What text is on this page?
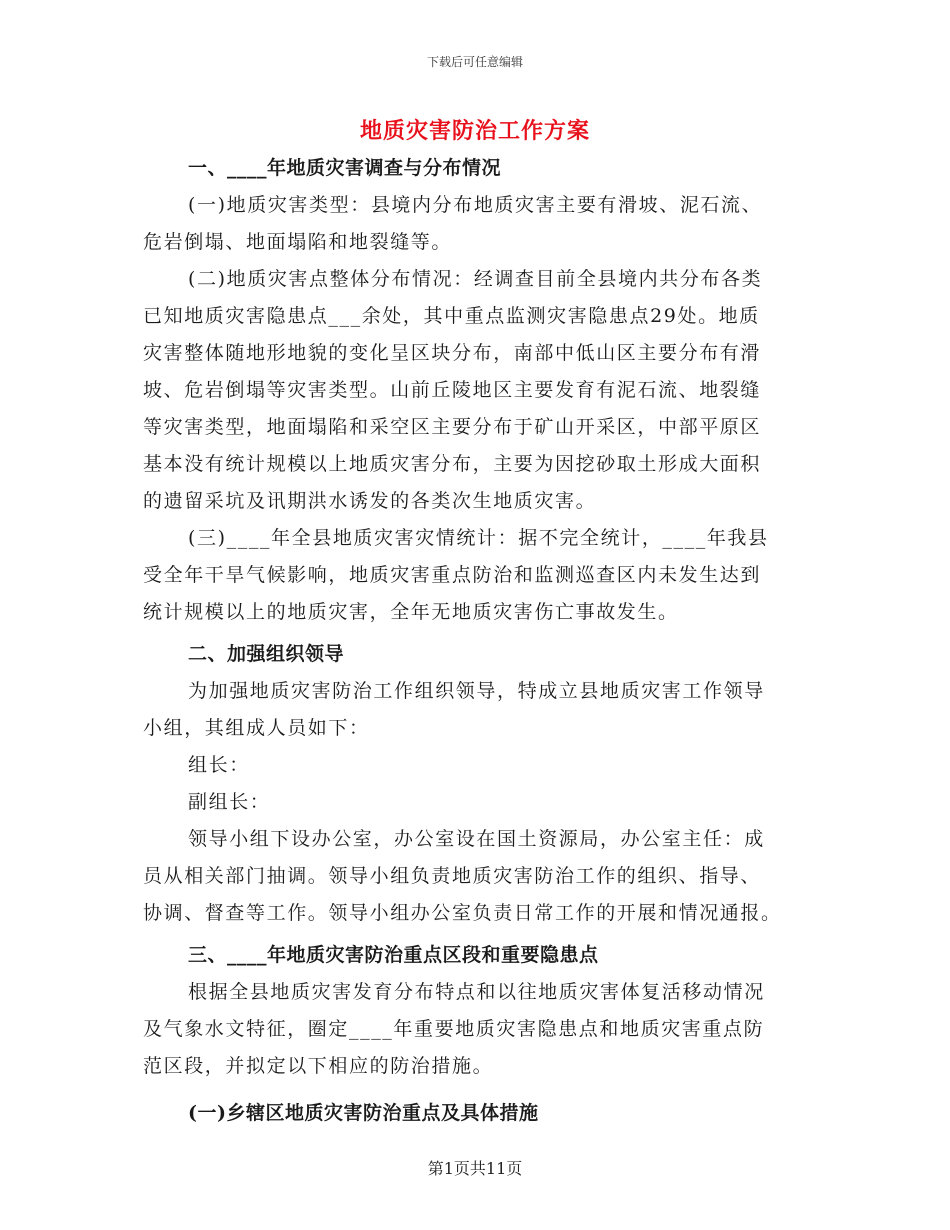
下载后可任意编辑
地质灾害防治工作方案
一、____年地质灾害调查与分布情况
(一)地质灾害类型：县境内分布地质灾害主要有滑坡、泥石流、
危岩倒塌、地面塌陷和地裂缝等。
(二)地质灾害点整体分布情况：经调查目前全县境内共分布各类
已知地质灾害隐患点___余处，其中重点监测灾害隐患点29处。地质
灾害整体随地形地貌的变化呈区块分布，南部中低山区主要分布有滑
坡、危岩倒塌等灾害类型。山前丘陵地区主要发育有泥石流、地裂缝
等灾害类型，地面塌陷和采空区主要分布于矿山开采区，中部平原区
基本没有统计规模以上地质灾害分布，主要为因挖砂取土形成大面积
的遗留采坑及讯期洪水诱发的各类次生地质灾害。
(三)____年全县地质灾害灾情统计：据不完全统计，____年我县
受全年干旱气候影响，地质灾害重点防治和监测巡查区内未发生达到
统计规模以上的地质灾害，全年无地质灾害伤亡事故发生。
二、加强组织领导
为加强地质灾害防治工作组织领导，特成立县地质灾害工作领导
小组，其组成人员如下：
组长：
副组长：
领导小组下设办公室，办公室设在国土资源局，办公室主任：成
员从相关部门抽调。领导小组负责地质灾害防治工作的组织、指导、
协调、督查等工作。领导小组办公室负责日常工作的开展和情况通报。
三、____年地质灾害防治重点区段和重要隐患点
根据全县地质灾害发育分布特点和以往地质灾害体复活移动情况
及气象水文特征，圈定____年重要地质灾害隐患点和地质灾害重点防
范区段，并拟定以下相应的防治措施。
(一)乡辖区地质灾害防治重点及具体措施
第1页共11页
